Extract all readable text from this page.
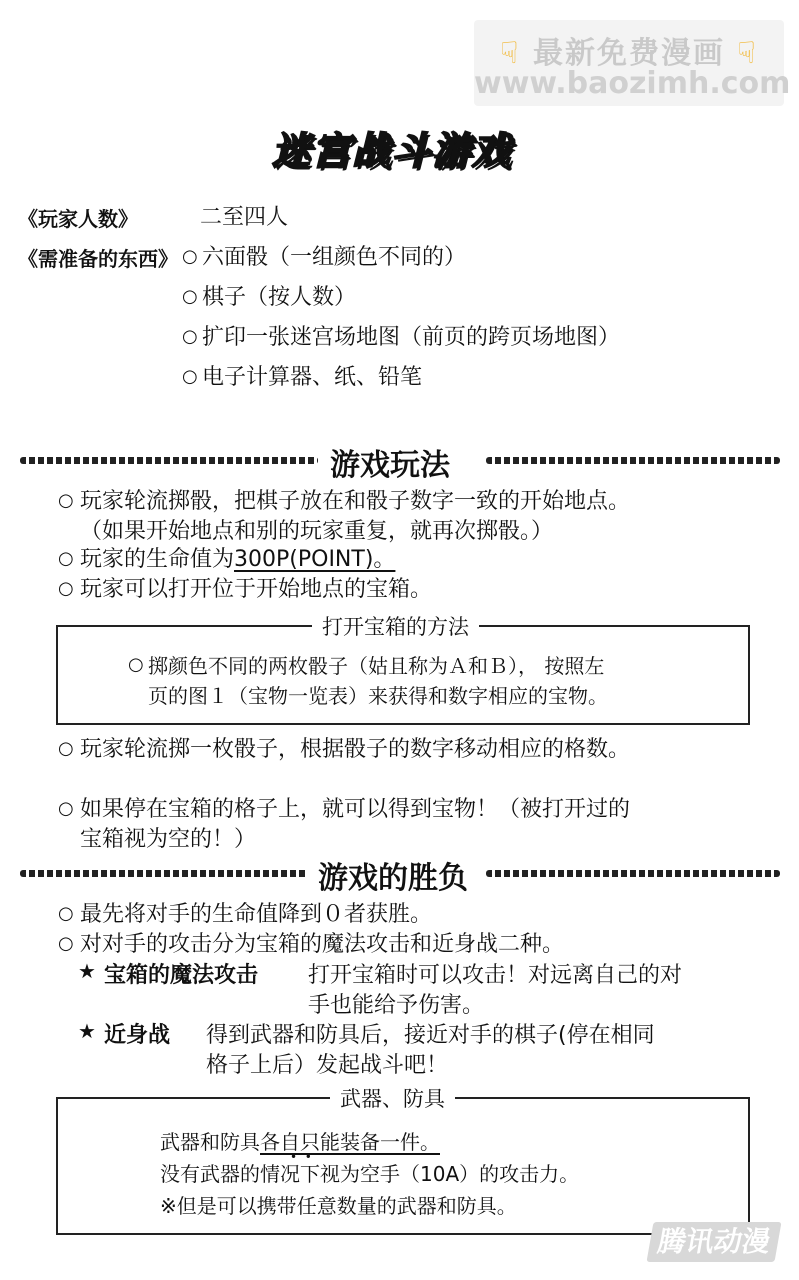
☟ 最新免费漫画 ☟
www.baozimh.com
迷宫战斗游戏
《玩家人数》	二至四人
《需准备的东西》 ○ 六面骰（一组颜色不同的）
○ 棋子（按人数）
○ 扩印一张迷宫场地图（前页的跨页场地图）
○ 电子计算器、纸、铅笔
游戏玩法
○ 玩家轮流掷骰，把棋子放在和骰子数字一致的开始地点。
（如果开始地点和别的玩家重复，就再次掷骰。）
○ 玩家的生命值为300P(POINT)。
○ 玩家可以打开位于开始地点的宝箱。
打开宝箱的方法
○ 掷颜色不同的两枚骰子（姑且称为Ａ和Ｂ）， 按照左
页的图１（宝物一览表）来获得和数字相应的宝物。
○ 玩家轮流掷一枚骰子，根据骰子的数字移动相应的格数。
○ 如果停在宝箱的格子上，就可以得到宝物！（被打开过的
宝箱视为空的！）
游戏的胜负
○ 最先将对手的生命值降到０者获胜。
○ 对对手的攻击分为宝箱的魔法攻击和近身战二种。
★ 宝箱的魔法攻击 打开宝箱时可以攻击！对远离自己的对
手也能给予伤害。
★ 近身战 得到武器和防具后，接近对手的棋子(停在相同
格子上后）发起战斗吧！
武器、防具
武器和防具各自只能装备一件。
•  •
没有武器的情况下视为空手（10A）的攻击力。
※但是可以携带任意数量的武器和防具。
腾讯动漫
